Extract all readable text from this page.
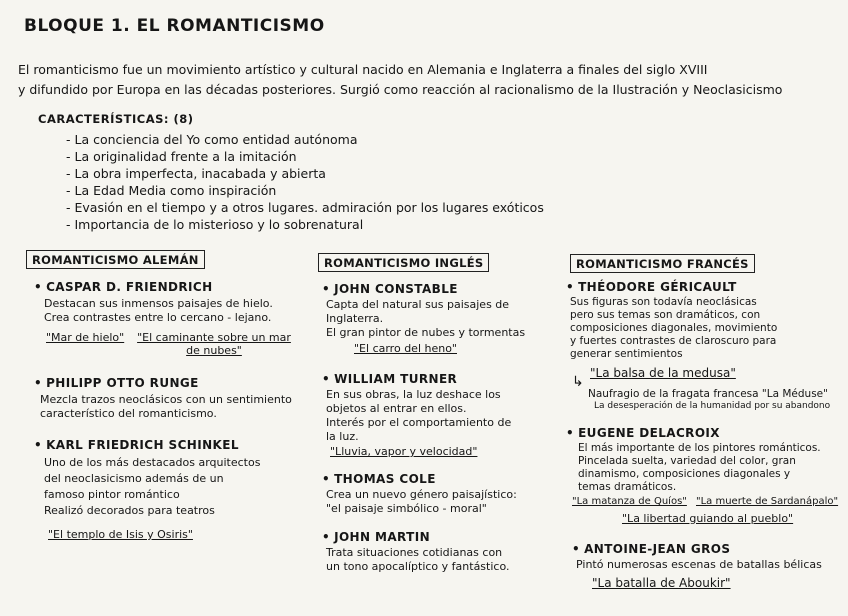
BLOQUE 1. EL ROMANTICISMO
El romanticismo fue un movimiento artístico y cultural nacido en Alemania e Inglaterra a finales del siglo XVIII
y difundido por Europa en las décadas posteriores. Surgió como reacción al racionalismo de la Ilustración y Neoclasicismo
CARACTERÍSTICAS: (8)
- La conciencia del Yo como entidad autónoma
- La originalidad frente a la imitación
- La obra imperfecta, inacabada y abierta
- La Edad Media como inspiración
- Evasión en el tiempo y a otros lugares. admiración por los lugares exóticos
- Importancia de lo misterioso y lo sobrenatural
ROMANTICISMO ALEMÁN
• CASPAR D. FRIENDRICH
Destacan sus inmensos paisajes de hielo.
Crea contrastes entre lo cercano - lejano.
"Mar de hielo" "El caminante sobre un mar de nubes"
• PHILIPP OTTO RUNGE
Mezcla trazos neoclásicos con un sentimiento
característico del romanticismo.
• KARL FRIEDRICH SCHINKEL
Uno de los más destacados arquitectos
del neoclasicismo además de un
famoso pintor romántico
Realizó decorados para teatros
"El templo de Isis y Osiris"
ROMANTICISMO INGLÉS
• JOHN CONSTABLE
Capta del natural sus paisajes de
Inglaterra.
El gran pintor de nubes y tormentas
"El carro del heno"
• WILLIAM TURNER
En sus obras, la luz deshace los
objetos al entrar en ellos.
Interés por el comportamiento de
la luz.
"Lluvia, vapor y velocidad"
• THOMAS COLE
Crea un nuevo género paisajístico:
"el paisaje simbólico - moral"
• JOHN MARTIN
Trata situaciones cotidianas con
un tono apocalíptico y fantástico.
ROMANTICISMO FRANCÉS
• THÉODORE GÉRICAULT
Sus figuras son todavía neoclásicas
pero sus temas son dramáticos, con
composiciones diagonales, movimiento
y fuertes contrastes de claroscuro para
generar sentimientos
"La balsa de la medusa"
↳
Naufragio de la fragata francesa "La Méduse"
La desesperación de la humanidad por su abandono
• EUGENE DELACROIX
El más importante de los pintores románticos.
Pincelada suelta, variedad del color, gran
dinamismo, composiciones diagonales y
temas dramáticos.
"La matanza de Quíos" "La muerte de Sardanápalo"
"La libertad guiando al pueblo"
• ANTOINE-JEAN GROS
Pintó numerosas escenas de batallas bélicas
"La batalla de Aboukir"
